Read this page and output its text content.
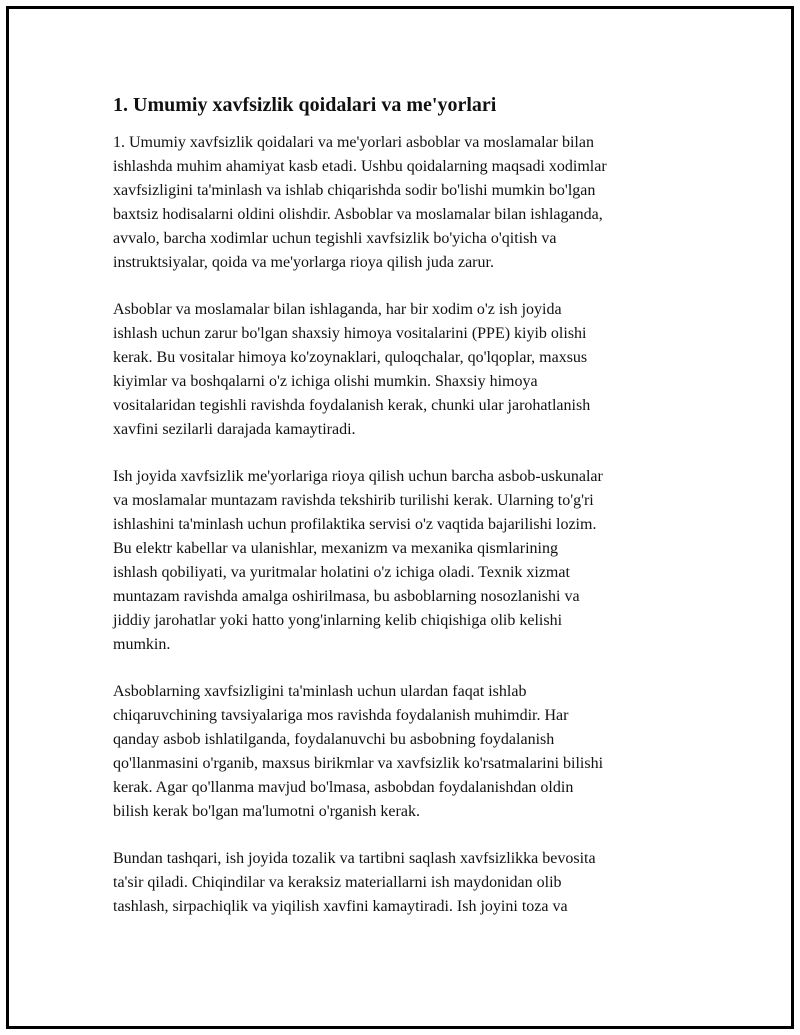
1. Umumiy xavfsizlik qoidalari va me'yorlari

1. Umumiy xavfsizlik qoidalari va me'yorlari asboblar va moslamalar bilan
ishlashda muhim ahamiyat kasb etadi. Ushbu qoidalarning maqsadi xodimlar
xavfsizligini ta'minlash va ishlab chiqarishda sodir bo'lishi mumkin bo'lgan
baxtsiz hodisalarni oldini olishdir. Asboblar va moslamalar bilan ishlaganda,
avvalo, barcha xodimlar uchun tegishli xavfsizlik bo'yicha o'qitish va
instruktsiyalar, qoida va me'yorlarga rioya qilish juda zarur.

Asboblar va moslamalar bilan ishlaganda, har bir xodim o'z ish joyida
ishlash uchun zarur bo'lgan shaxsiy himoya vositalarini (PPE) kiyib olishi
kerak. Bu vositalar himoya ko'zoynaklari, quloqchalar, qo'lqoplar, maxsus
kiyimlar va boshqalarni o'z ichiga olishi mumkin. Shaxsiy himoya
vositalaridan tegishli ravishda foydalanish kerak, chunki ular jarohatlanish
xavfini sezilarli darajada kamaytiradi.

Ish joyida xavfsizlik me'yorlariga rioya qilish uchun barcha asbob-uskunalar
va moslamalar muntazam ravishda tekshirib turilishi kerak. Ularning to'g'ri
ishlashini ta'minlash uchun profilaktika servisi o'z vaqtida bajarilishi lozim.
Bu elektr kabellar va ulanishlar, mexanizm va mexanika qismlarining
ishlash qobiliyati, va yuritmalar holatini o'z ichiga oladi. Texnik xizmat
muntazam ravishda amalga oshirilmasa, bu asboblarning nosozlanishi va
jiddiy jarohatlar yoki hatto yong'inlarning kelib chiqishiga olib kelishi
mumkin.

Asboblarning xavfsizligini ta'minlash uchun ulardan faqat ishlab
chiqaruvchining tavsiyalariga mos ravishda foydalanish muhimdir. Har
qanday asbob ishlatilganda, foydalanuvchi bu asbobning foydalanish
qo'llanmasini o'rganib, maxsus birikmlar va xavfsizlik ko'rsatmalarini bilishi
kerak. Agar qo'llanma mavjud bo'lmasa, asbobdan foydalanishdan oldin
bilish kerak bo'lgan ma'lumotni o'rganish kerak.

Bundan tashqari, ish joyida tozalik va tartibni saqlash xavfsizlikka bevosita
ta'sir qiladi. Chiqindilar va keraksiz materiallarni ish maydonidan olib
tashlash, sirpachiqlik va yiqilish xavfini kamaytiradi. Ish joyini toza va
